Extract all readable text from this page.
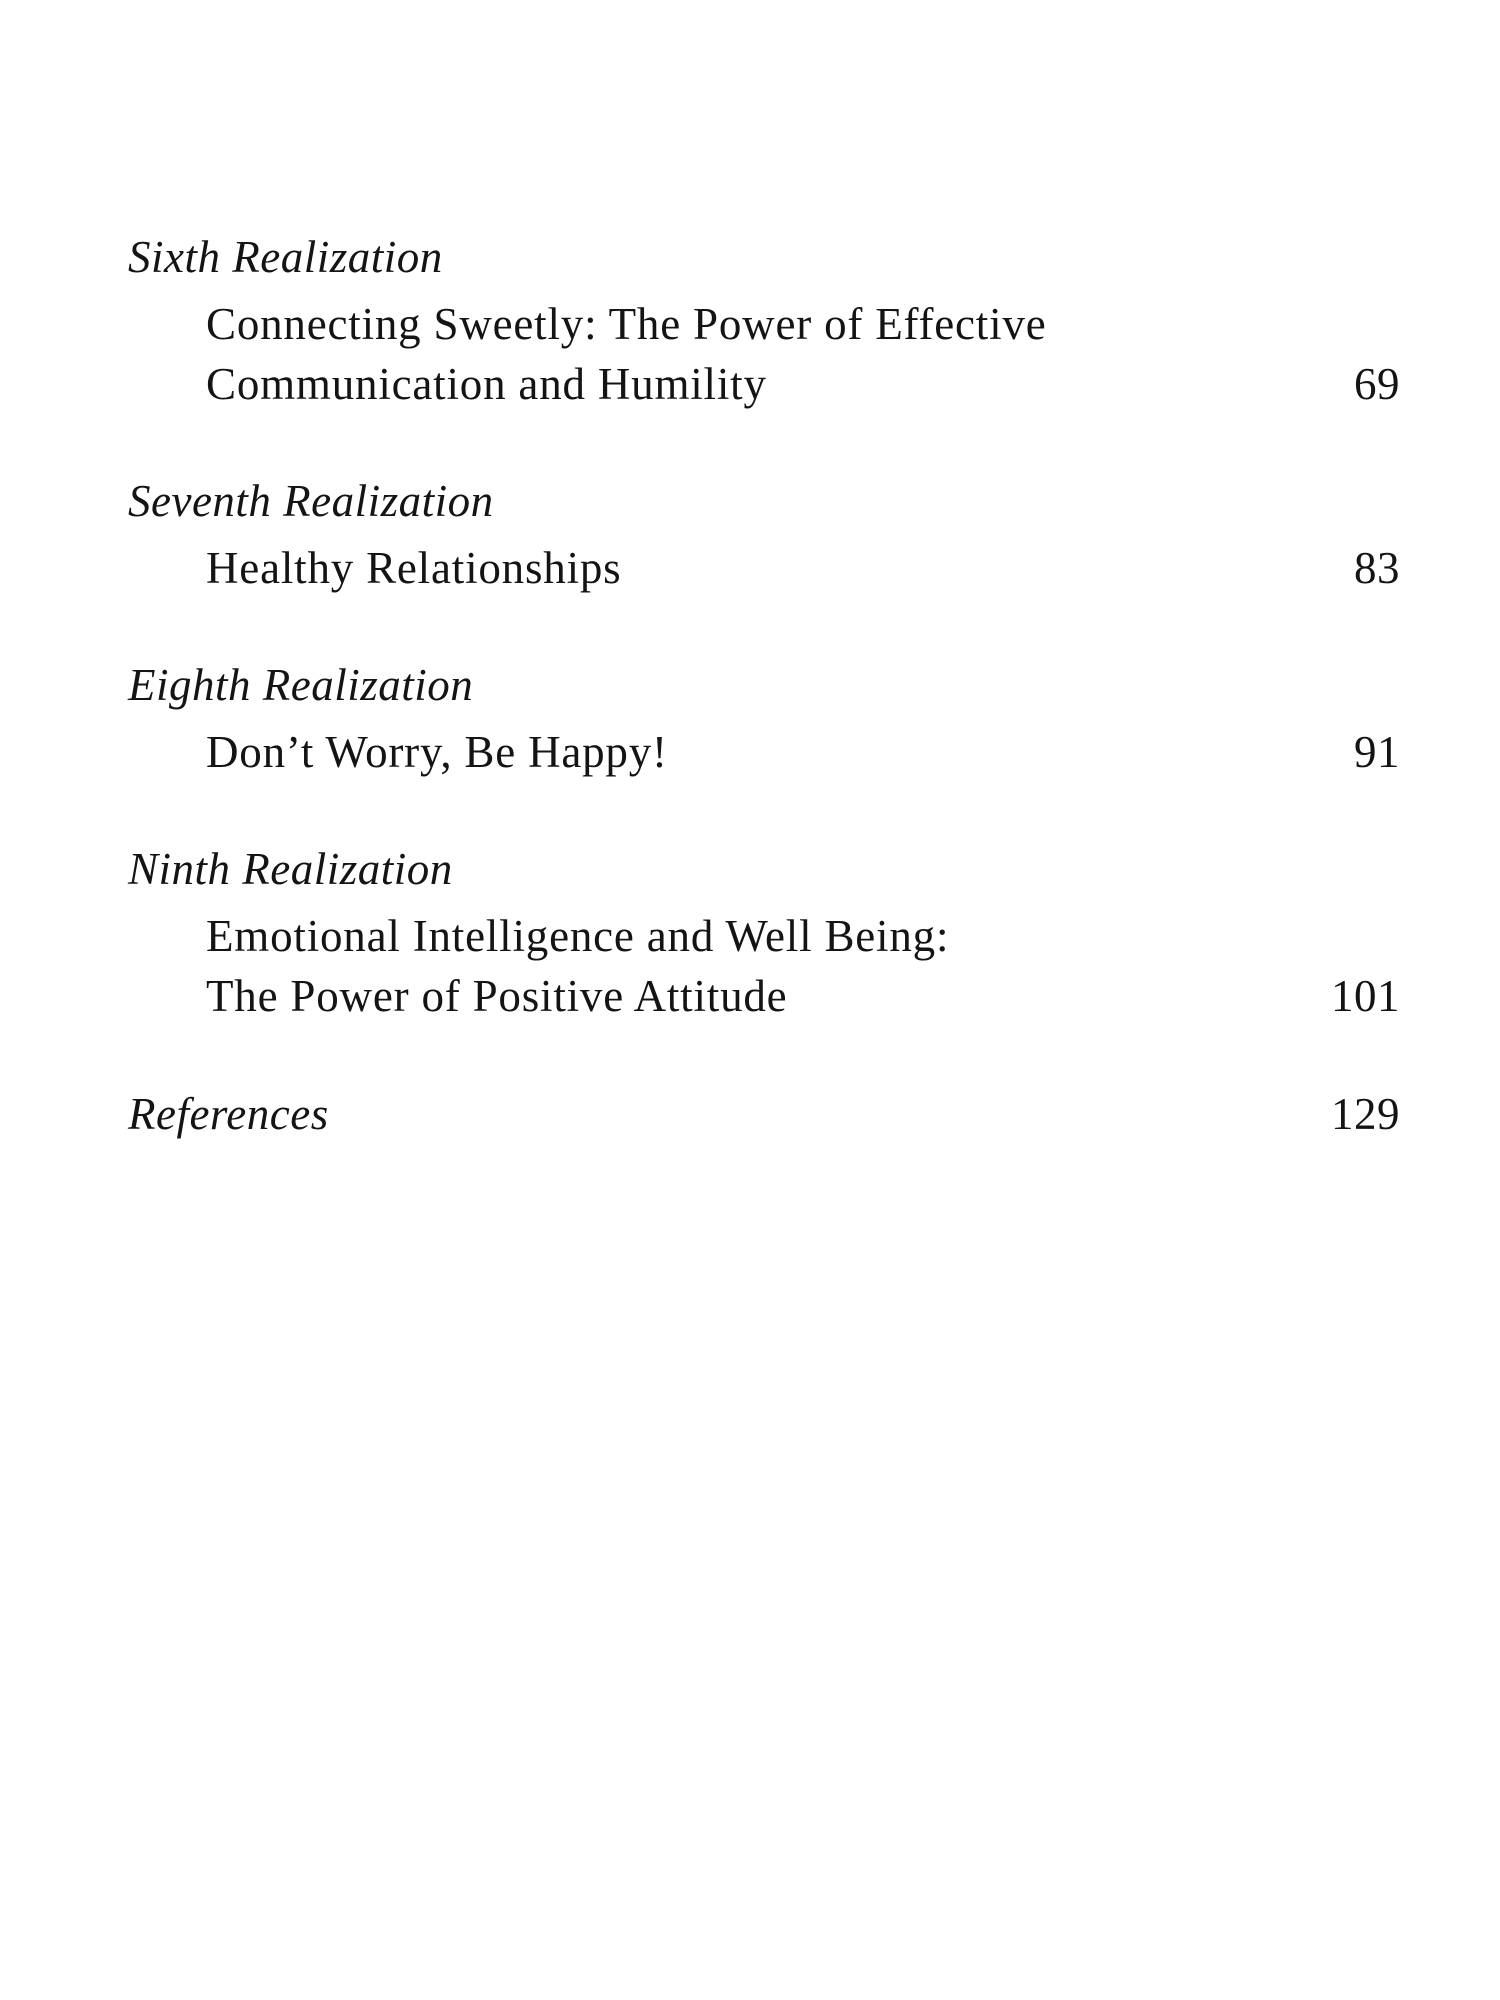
Sixth Realization
Connecting Sweetly: The Power of Effective
Communication and Humility	69
Seventh Realization
Healthy Relationships	83
Eighth Realization
Don’t Worry, Be Happy!	91
Ninth Realization
Emotional Intelligence and Well Being:
The Power of Positive Attitude	101
References	129
